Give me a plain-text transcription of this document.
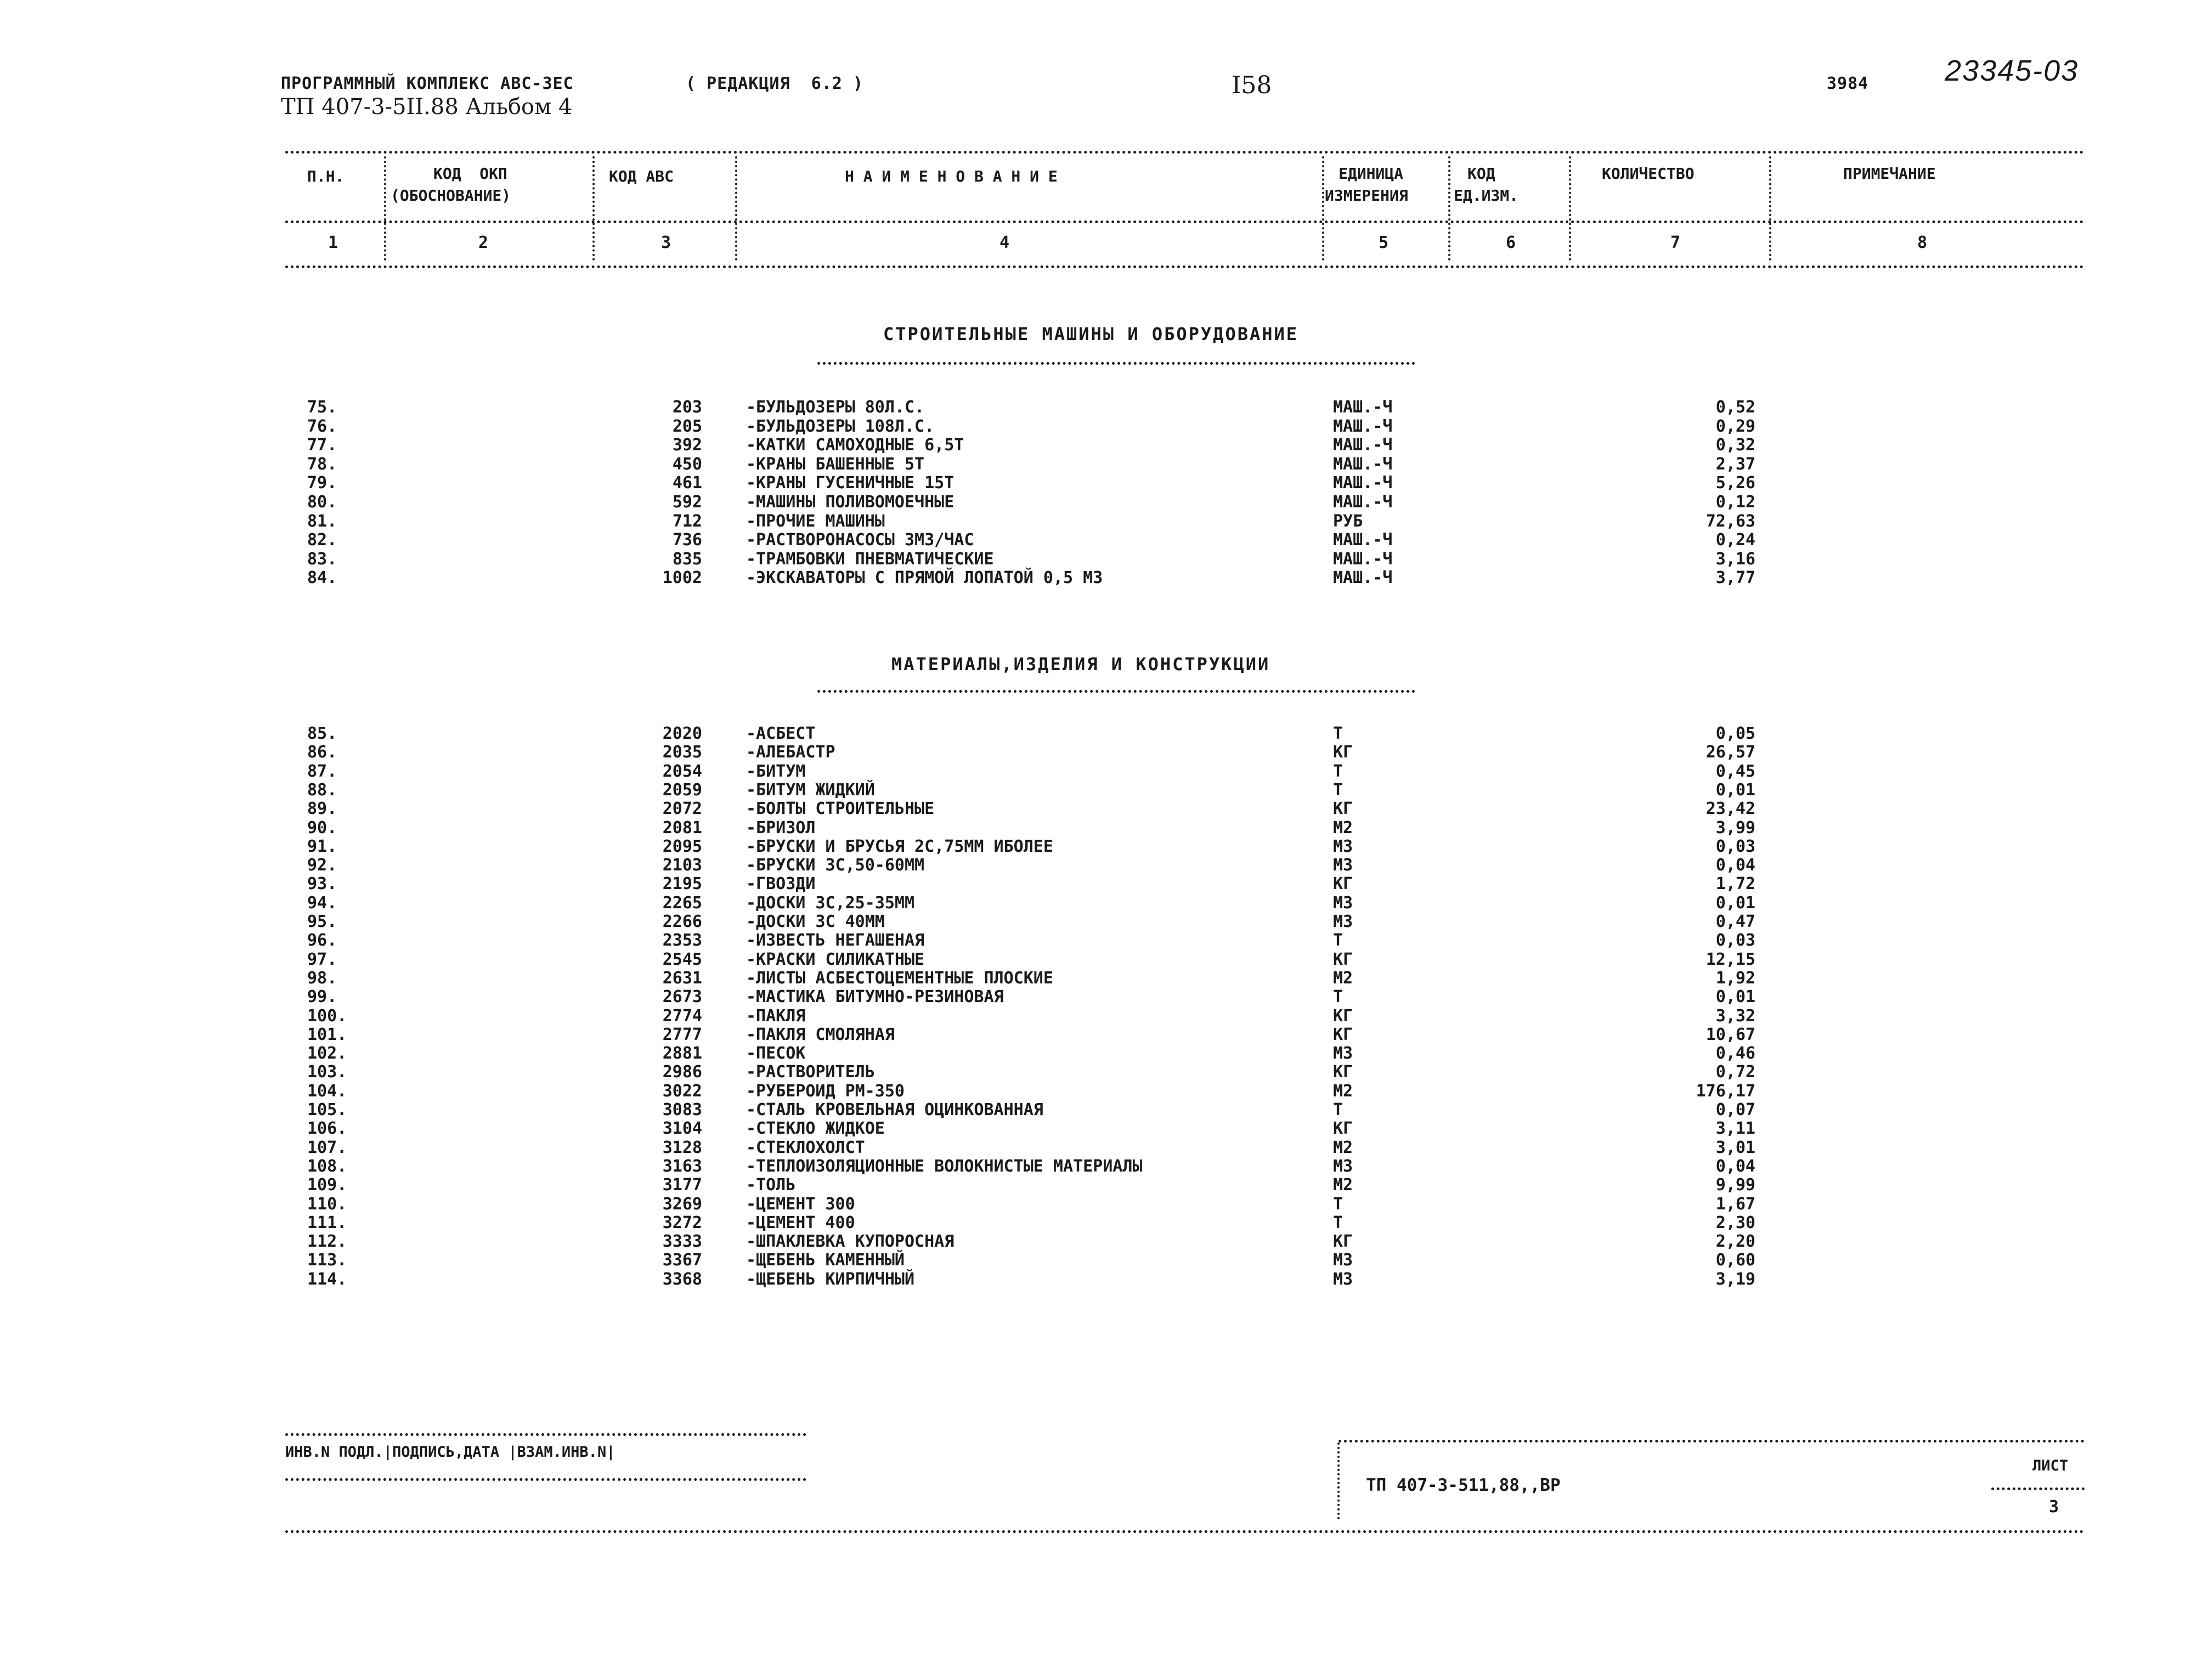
ПРОГРАММНЫЙ КОМПЛЕКС АВС-3ЕС	( РЕДАКЦИЯ  6.2 )
ТП 407-3-5II.88 Альбом 4
I58	3984	23345-03
П.Н.	КОД  ОКП
(ОБОСНОВАНИЕ)
КОД АВС	Н А И М Е Н О В А Н И Е	ЕДИНИЦА
ИЗМЕРЕНИЯ
КОД
ЕД.ИЗМ.
КОЛИЧЕСТВО	ПРИМЕЧАНИЕ
1	2	3	4	5	6	7	8
СТРОИТЕЛЬНЫЕ МАШИНЫ И ОБОРУДОВАНИЕ
75.	203	-БУЛЬДОЗЕРЫ 80Л.С.	МАШ.-Ч	0,52
76.	205	-БУЛЬДОЗЕРЫ 108Л.С.	МАШ.-Ч	0,29
77.	392	-КАТКИ САМОХОДНЫЕ 6,5Т	МАШ.-Ч	0,32
78.	450	-КРАНЫ БАШЕННЫЕ 5Т	МАШ.-Ч	2,37
79.	461	-КРАНЫ ГУСЕНИЧНЫЕ 15Т	МАШ.-Ч	5,26
80.	592	-МАШИНЫ ПОЛИВОМОЕЧНЫЕ	МАШ.-Ч	0,12
81.	712	-ПРОЧИЕ МАШИНЫ	РУБ	72,63
82.	736	-РАСТВОРОНАСОСЫ 3М3/ЧАС	МАШ.-Ч	0,24
83.	835	-ТРАМБОВКИ ПНЕВМАТИЧЕСКИЕ	МАШ.-Ч	3,16
84.	1002	-ЭКСКАВАТОРЫ С ПРЯМОЙ ЛОПАТОЙ 0,5 М3	МАШ.-Ч	3,77
МАТЕРИАЛЫ,ИЗДЕЛИЯ И КОНСТРУКЦИИ
85.	2020	-АСБЕСТ	Т	0,05
86.	2035	-АЛЕБАСТР	КГ	26,57
87.	2054	-БИТУМ	Т	0,45
88.	2059	-БИТУМ ЖИДКИЙ	Т	0,01
89.	2072	-БОЛТЫ СТРОИТЕЛЬНЫЕ	КГ	23,42
90.	2081	-БРИЗОЛ	М2	3,99
91.	2095	-БРУСКИ И БРУСЬЯ 2С,75ММ ИБОЛЕЕ	М3	0,03
92.	2103	-БРУСКИ 3С,50-60ММ	М3	0,04
93.	2195	-ГВОЗДИ	КГ	1,72
94.	2265	-ДОСКИ 3С,25-35ММ	М3	0,01
95.	2266	-ДОСКИ 3С 40ММ	М3	0,47
96.	2353	-ИЗВЕСТЬ НЕГАШЕНАЯ	Т	0,03
97.	2545	-КРАСКИ СИЛИКАТНЫЕ	КГ	12,15
98.	2631	-ЛИСТЫ АСБЕСТОЦЕМЕНТНЫЕ ПЛОСКИЕ	М2	1,92
99.	2673	-МАСТИКА БИТУМНО-РЕЗИНОВАЯ	Т	0,01
100.	2774	-ПАКЛЯ	КГ	3,32
101.	2777	-ПАКЛЯ СМОЛЯНАЯ	КГ	10,67
102.	2881	-ПЕСОК	М3	0,46
103.	2986	-РАСТВОРИТЕЛЬ	КГ	0,72
104.	3022	-РУБЕРОИД РМ-350	М2	176,17
105.	3083	-СТАЛЬ КРОВЕЛЬНАЯ ОЦИНКОВАННАЯ	Т	0,07
106.	3104	-СТЕКЛО ЖИДКОЕ	КГ	3,11
107.	3128	-СТЕКЛОХОЛСТ	М2	3,01
108.	3163	-ТЕПЛОИЗОЛЯЦИОННЫЕ ВОЛОКНИСТЫЕ МАТЕРИАЛЫ	М3	0,04
109.	3177	-ТОЛЬ	М2	9,99
110.	3269	-ЦЕМЕНТ 300	Т	1,67
111.	3272	-ЦЕМЕНТ 400	Т	2,30
112.	3333	-ШПАКЛЕВКА КУПОРОСНАЯ	КГ	2,20
113.	3367	-ЩЕБЕНЬ КАМЕННЫЙ	М3	0,60
114.	3368	-ЩЕБЕНЬ КИРПИЧНЫЙ	М3	3,19
ИНВ.N ПОДЛ.|ПОДПИСЬ,ДАТА |ВЗАМ.ИНВ.N|
ТП 407-3-511,88,,ВР
ЛИСТ
3
